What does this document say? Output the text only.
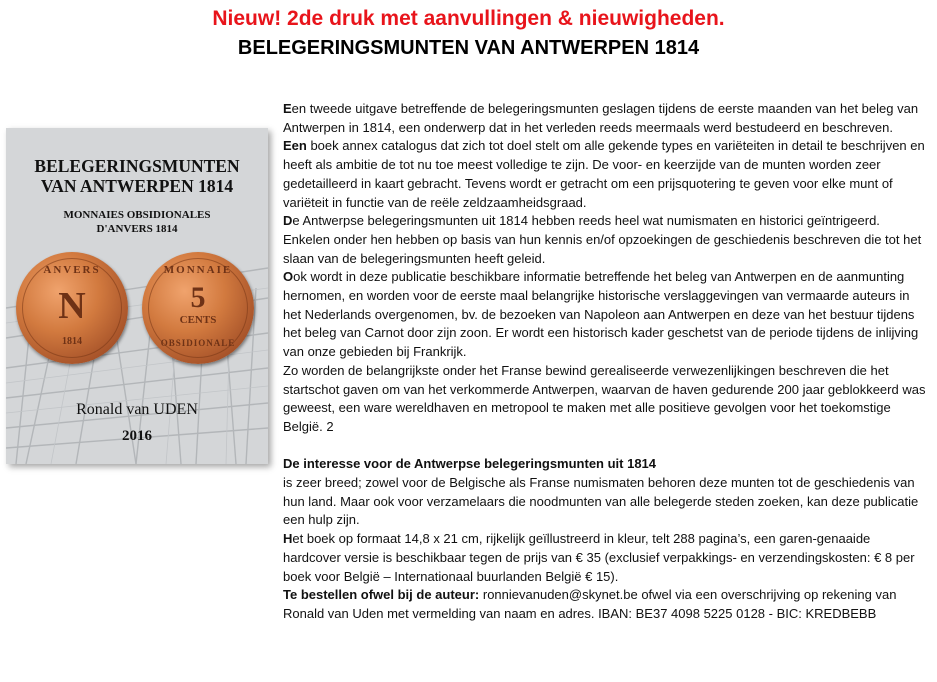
Nieuw! 2de druk met aanvullingen & nieuwigheden.
BELEGERINGSMUNTEN VAN ANTWERPEN 1814
BELEGERINGSMUNTEN
VAN ANTWERPEN 1814
MONNAIES OBSIDIONALES
D'ANVERS 1814
ANVERS
N
1814
MONNAIE
5
CENTS
OBSIDIONALE
Ronald van UDEN
2016

Een tweede uitgave betreffende de belegeringsmunten geslagen tijdens de eerste maanden van het beleg van Antwerpen in 1814, een onderwerp dat in het verleden reeds meermaals werd bestudeerd en beschreven.

Een boek annex catalogus dat zich tot doel stelt om alle gekende types en variëteiten in detail te beschrijven en heeft als ambitie de tot nu toe meest volledige te zijn. De voor- en keerzijde van de munten worden zeer gedetailleerd in kaart gebracht. Tevens wordt er getracht om een prijsquotering te geven voor elke munt of variëteit in functie van de reële zeldzaamheidsgraad.

De Antwerpse belegeringsmunten uit 1814 hebben reeds heel wat numismaten en historici geïntrigeerd. Enkelen onder hen hebben op basis van hun kennis en/of opzoekingen de geschiedenis beschreven die tot het slaan van de belegeringsmunten heeft geleid.

Ook wordt in deze publicatie beschikbare informatie betreffende het beleg van Antwerpen en de aanmunting hernomen, en worden voor de eerste maal belangrijke historische verslaggevingen van vermaarde auteurs in het Nederlands overgenomen, bv. de bezoeken van Napoleon aan Antwerpen en deze van het bestuur tijdens het beleg van Carnot door zijn zoon. Er wordt een historisch kader geschetst van de periode tijdens de inlijving van onze gebieden bij Frankrijk.

Zo worden de belangrijkste onder het Franse bewind gerealiseerde verwezenlijkingen beschreven die het startschot gaven om van het verkommerde Antwerpen, waarvan de haven gedurende 200 jaar geblokkeerd was geweest, een ware wereldhaven en metropool te maken met alle positieve gevolgen voor het toekomstige België. 2

De interesse voor de Antwerpse belegeringsmunten uit 1814

is zeer breed; zowel voor de Belgische als Franse numismaten behoren deze munten tot de geschiedenis van hun land. Maar ook voor verzamelaars die noodmunten van alle belegerde steden zoeken, kan deze publicatie een hulp zijn.

Het boek op formaat 14,8 x 21 cm, rijkelijk geïllustreerd in kleur, telt 288 pagina’s, een garen-genaaide hardcover versie is beschikbaar tegen de prijs van € 35 (exclusief verpakkings- en verzendingskosten: € 8 per boek voor België – Internationaal buurlanden België € 15).

Te bestellen ofwel bij de auteur: ronnievanuden@skynet.be ofwel via een overschrijving op rekening van Ronald van Uden met vermelding van naam en adres. IBAN: BE37 4098 5225 0128 - BIC: KREDBEBB
